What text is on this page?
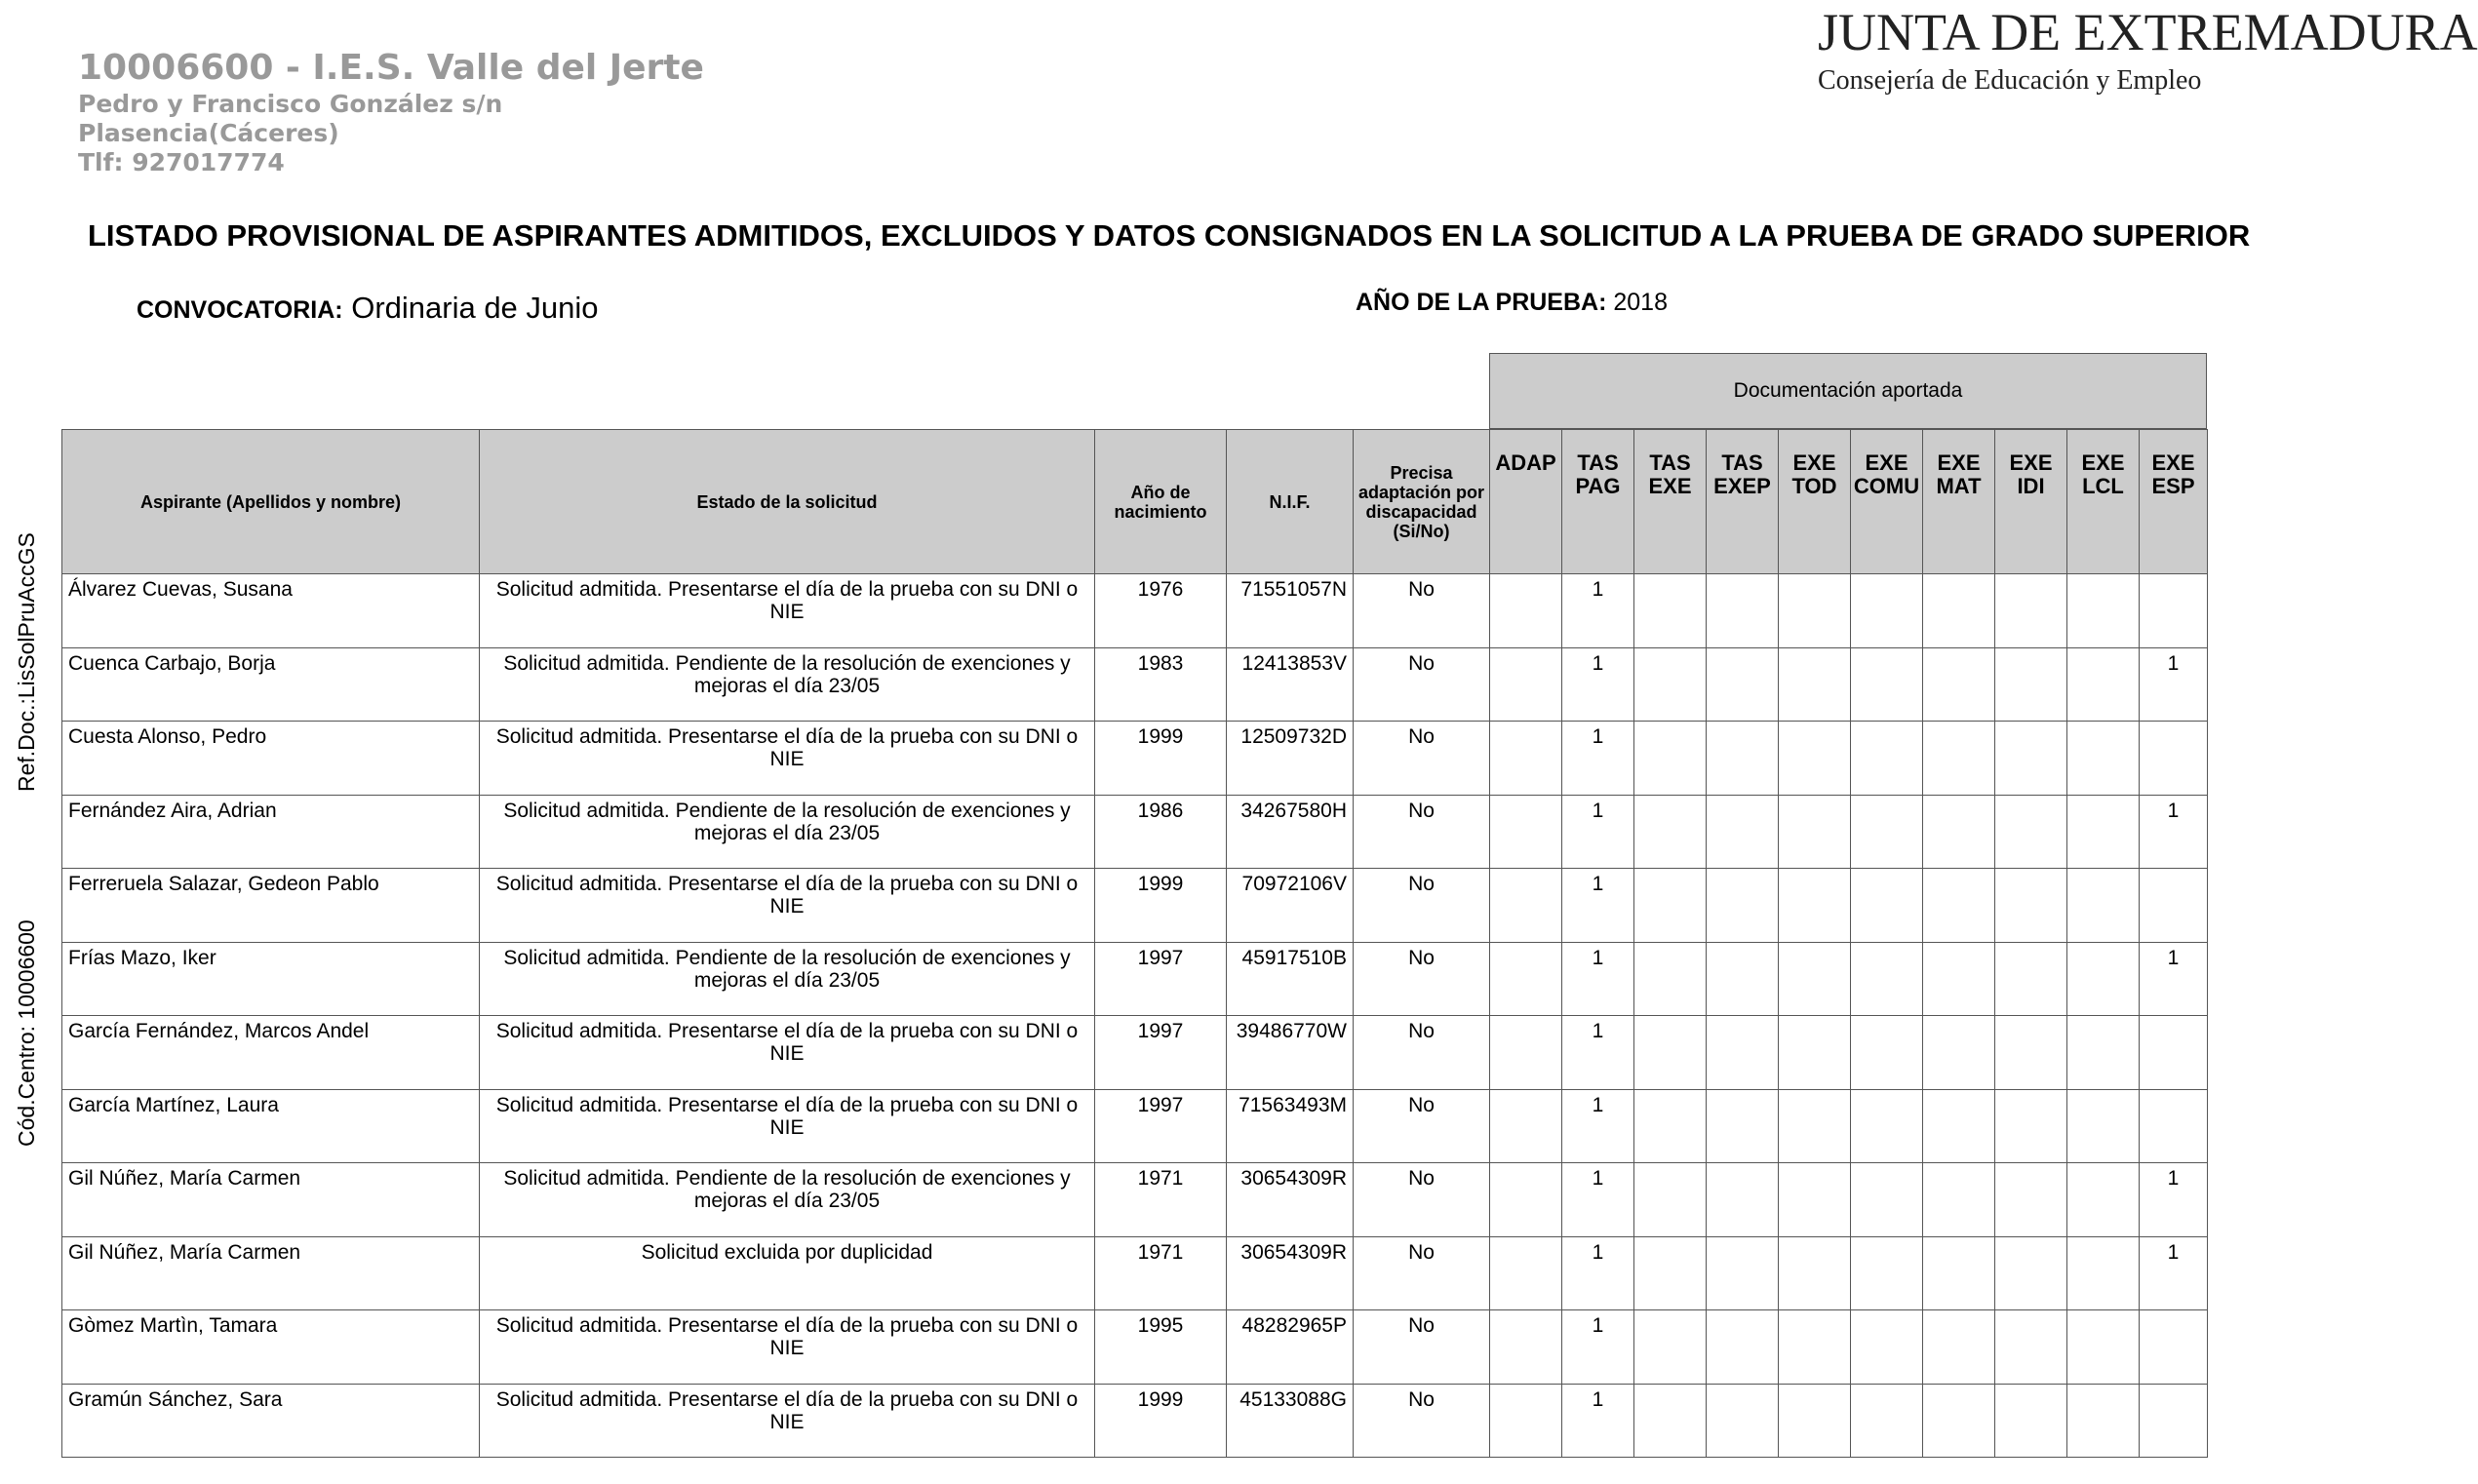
10006600 - I.E.S. Valle del Jerte
Pedro y Francisco González s/n
Plasencia(Cáceres)
Tlf: 927017774
JUNTA DE EXTREMADURA
Consejería de Educación y Empleo
LISTADO PROVISIONAL DE ASPIRANTES ADMITIDOS, EXCLUIDOS Y DATOS CONSIGNADOS EN LA SOLICITUD A LA PRUEBA DE GRADO SUPERIOR
CONVOCATORIA: Ordinaria de Junio	AÑO DE LA PRUEBA: 2018
Ref.Doc.:LisSolPruAccGS
Cód.Centro: 10006600
Documentación aportada
Aspirante (Apellidos y nombre)	Estado de la solicitud	Año de nacimiento	N.I.F.	Precisa adaptación por discapacidad (Si/No)	ADAP	TAS PAG	TAS EXE	TAS EXEP	EXE TOD	EXE COMU	EXE MAT	EXE IDI	EXE LCL	EXE ESP
Álvarez Cuevas, Susana	Solicitud admitida. Presentarse el día de la prueba con su DNI o NIE	1976	71551057N	No		1								
Cuenca Carbajo, Borja	Solicitud admitida. Pendiente de la resolución de exenciones y mejoras el día 23/05	1983	12413853V	No		1								1
Cuesta Alonso, Pedro	Solicitud admitida. Presentarse el día de la prueba con su DNI o NIE	1999	12509732D	No		1								
Fernández Aira, Adrian	Solicitud admitida. Pendiente de la resolución de exenciones y mejoras el día 23/05	1986	34267580H	No		1								1
Ferreruela Salazar, Gedeon Pablo	Solicitud admitida. Presentarse el día de la prueba con su DNI o NIE	1999	70972106V	No		1								
Frías Mazo, Iker	Solicitud admitida. Pendiente de la resolución de exenciones y mejoras el día 23/05	1997	45917510B	No		1								1
García Fernández, Marcos Andel	Solicitud admitida. Presentarse el día de la prueba con su DNI o NIE	1997	39486770W	No		1								
García Martínez, Laura	Solicitud admitida. Presentarse el día de la prueba con su DNI o NIE	1997	71563493M	No		1								
Gil Núñez, María Carmen	Solicitud admitida. Pendiente de la resolución de exenciones y mejoras el día 23/05	1971	30654309R	No		1								1
Gil Núñez, María Carmen	Solicitud excluida por duplicidad	1971	30654309R	No		1								1
Gòmez Martìn, Tamara	Solicitud admitida. Presentarse el día de la prueba con su DNI o NIE	1995	48282965P	No		1								
Gramún Sánchez, Sara	Solicitud admitida. Presentarse el día de la prueba con su DNI o NIE	1999	45133088G	No		1								
